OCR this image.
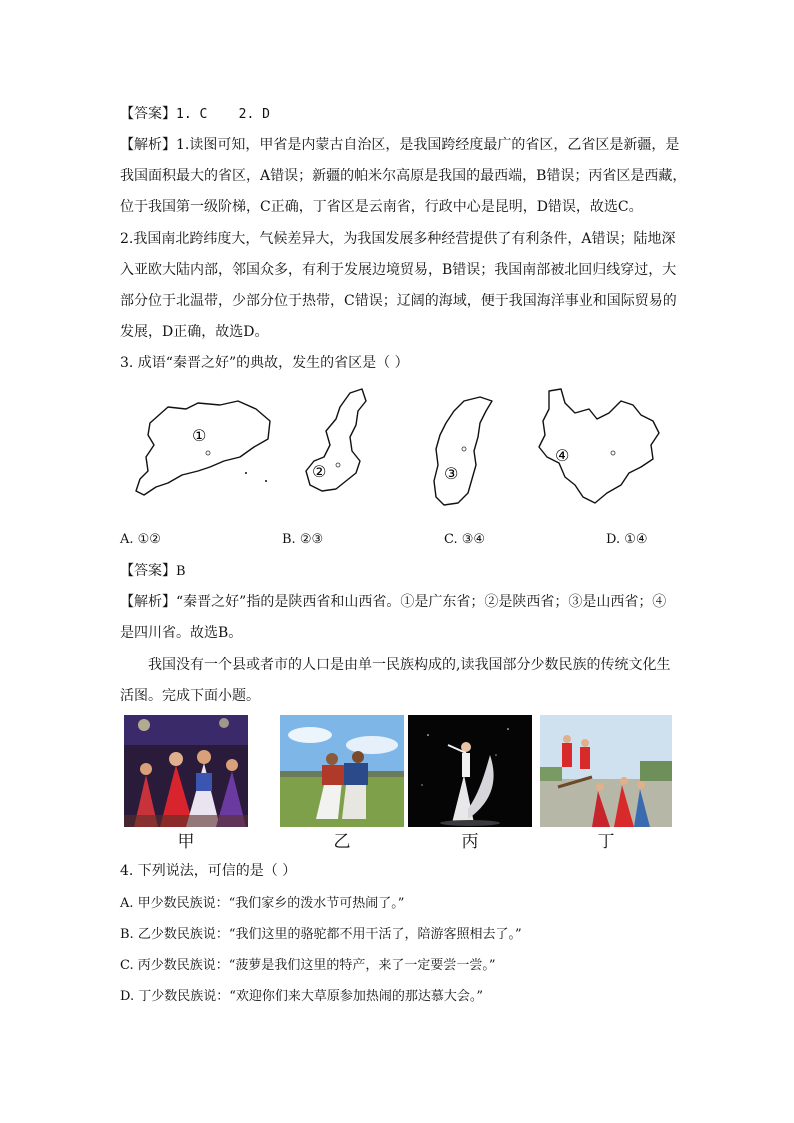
【答案】1. C    2. D
【解析】1.读图可知，甲省是内蒙古自治区，是我国跨经度最广的省区，乙省区是新疆，是
我国面积最大的省区，A错误；新疆的帕米尔高原是我国的最西端，B错误；丙省区是西藏，
位于我国第一级阶梯，C正确，丁省区是云南省，行政中心是昆明，D错误，故选C。
2.我国南北跨纬度大，气候差异大，为我国发展多种经营提供了有利条件，A错误；陆地深
入亚欧大陆内部，邻国众多，有利于发展边境贸易，B错误；我国南部被北回归线穿过，大
部分位于北温带，少部分位于热带，C错误；辽阔的海域，便于我国海洋事业和国际贸易的
发展，D正确，故选D。
3. 成语“秦晋之好”的典故，发生的省区是（ ）
①
②	③
④
A. ①②	B. ②③	C. ③④	D. ①④
【答案】B
【解析】“秦晋之好”指的是陕西省和山西省。①是广东省；②是陕西省；③是山西省；④
是四川省。故选B。
我国没有一个县或者市的人口是由单一民族构成的,读我国部分少数民族的传统文化生
活图。完成下面小题。
甲	乙	丙	丁
4. 下列说法，可信的是（ ）
A. 甲少数民族说：“我们家乡的泼水节可热闹了。”
B. 乙少数民族说：“我们这里的骆驼都不用干活了，陪游客照相去了。”
C. 丙少数民族说：“菠萝是我们这里的特产，来了一定要尝一尝。”
D. 丁少数民族说：“欢迎你们来大草原参加热闹的那达慕大会。”
